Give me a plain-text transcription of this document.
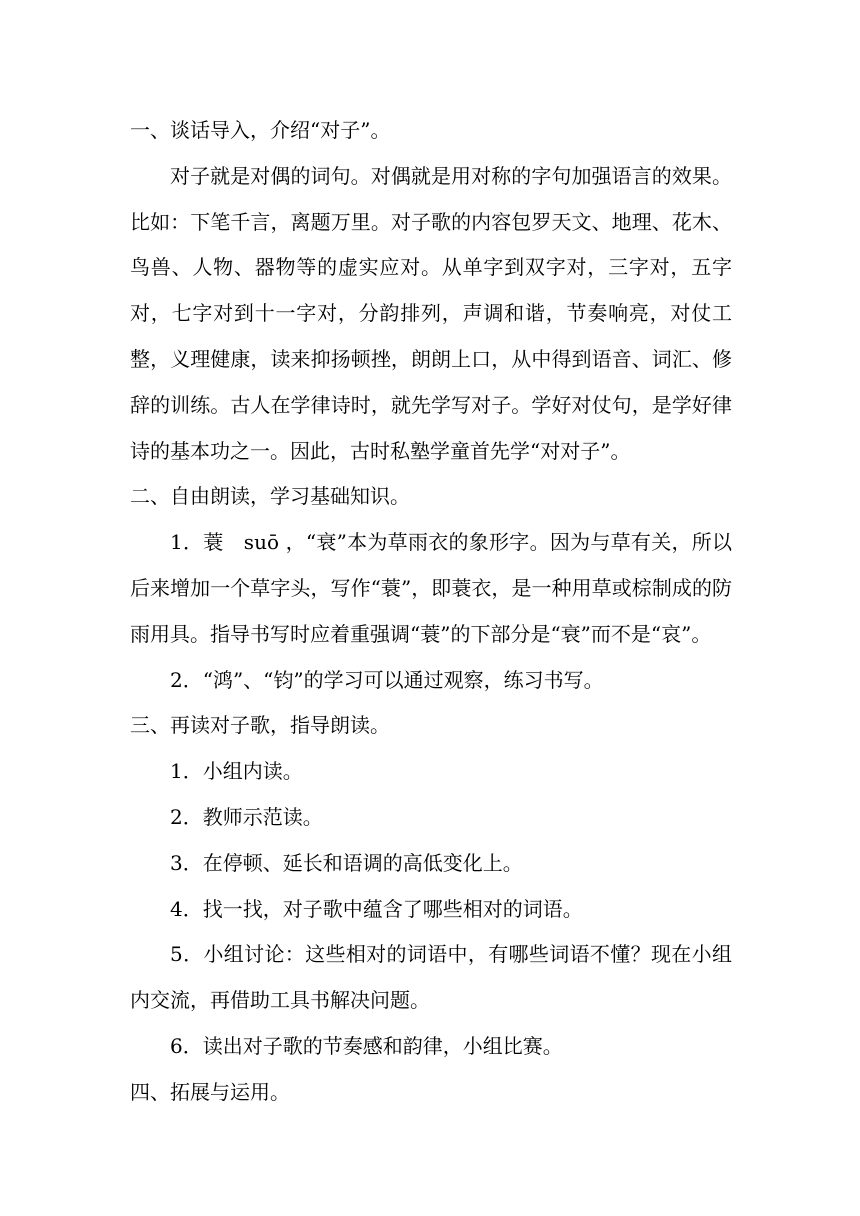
一、谈话导入，介绍“对子”。

对子就是对偶的词句。对偶就是用对称的字句加强语言的效果。比如：下笔千言，离题万里。对子歌的内容包罗天文、地理、花木、鸟兽、人物、器物等的虚实应对。从单字到双字对，三字对，五字对，七字对到十一字对，分韵排列，声调和谐，节奏响亮，对仗工整，义理健康，读来抑扬顿挫，朗朗上口，从中得到语音、词汇、修辞的训练。古人在学律诗时，就先学写对子。学好对仗句，是学好律诗的基本功之一。因此，古时私塾学童首先学“对对子”。

二、自由朗读，学习基础知识。

1．蓑　suō ，“衰”本为草雨衣的象形字。因为与草有关，所以后来增加一个草字头，写作“蓑”，即蓑衣，是一种用草或棕制成的防雨用具。指导书写时应着重强调“蓑”的下部分是“衰”而不是“哀”。

2．“鸿”、“钧”的学习可以通过观察，练习书写。

三、再读对子歌，指导朗读。

1．小组内读。

2．教师示范读。

3．在停顿、延长和语调的高低变化上。

4．找一找，对子歌中蕴含了哪些相对的词语。

5．小组讨论：这些相对的词语中，有哪些词语不懂？现在小组内交流，再借助工具书解决问题。

6．读出对子歌的节奏感和韵律，小组比赛。

四、拓展与运用。
